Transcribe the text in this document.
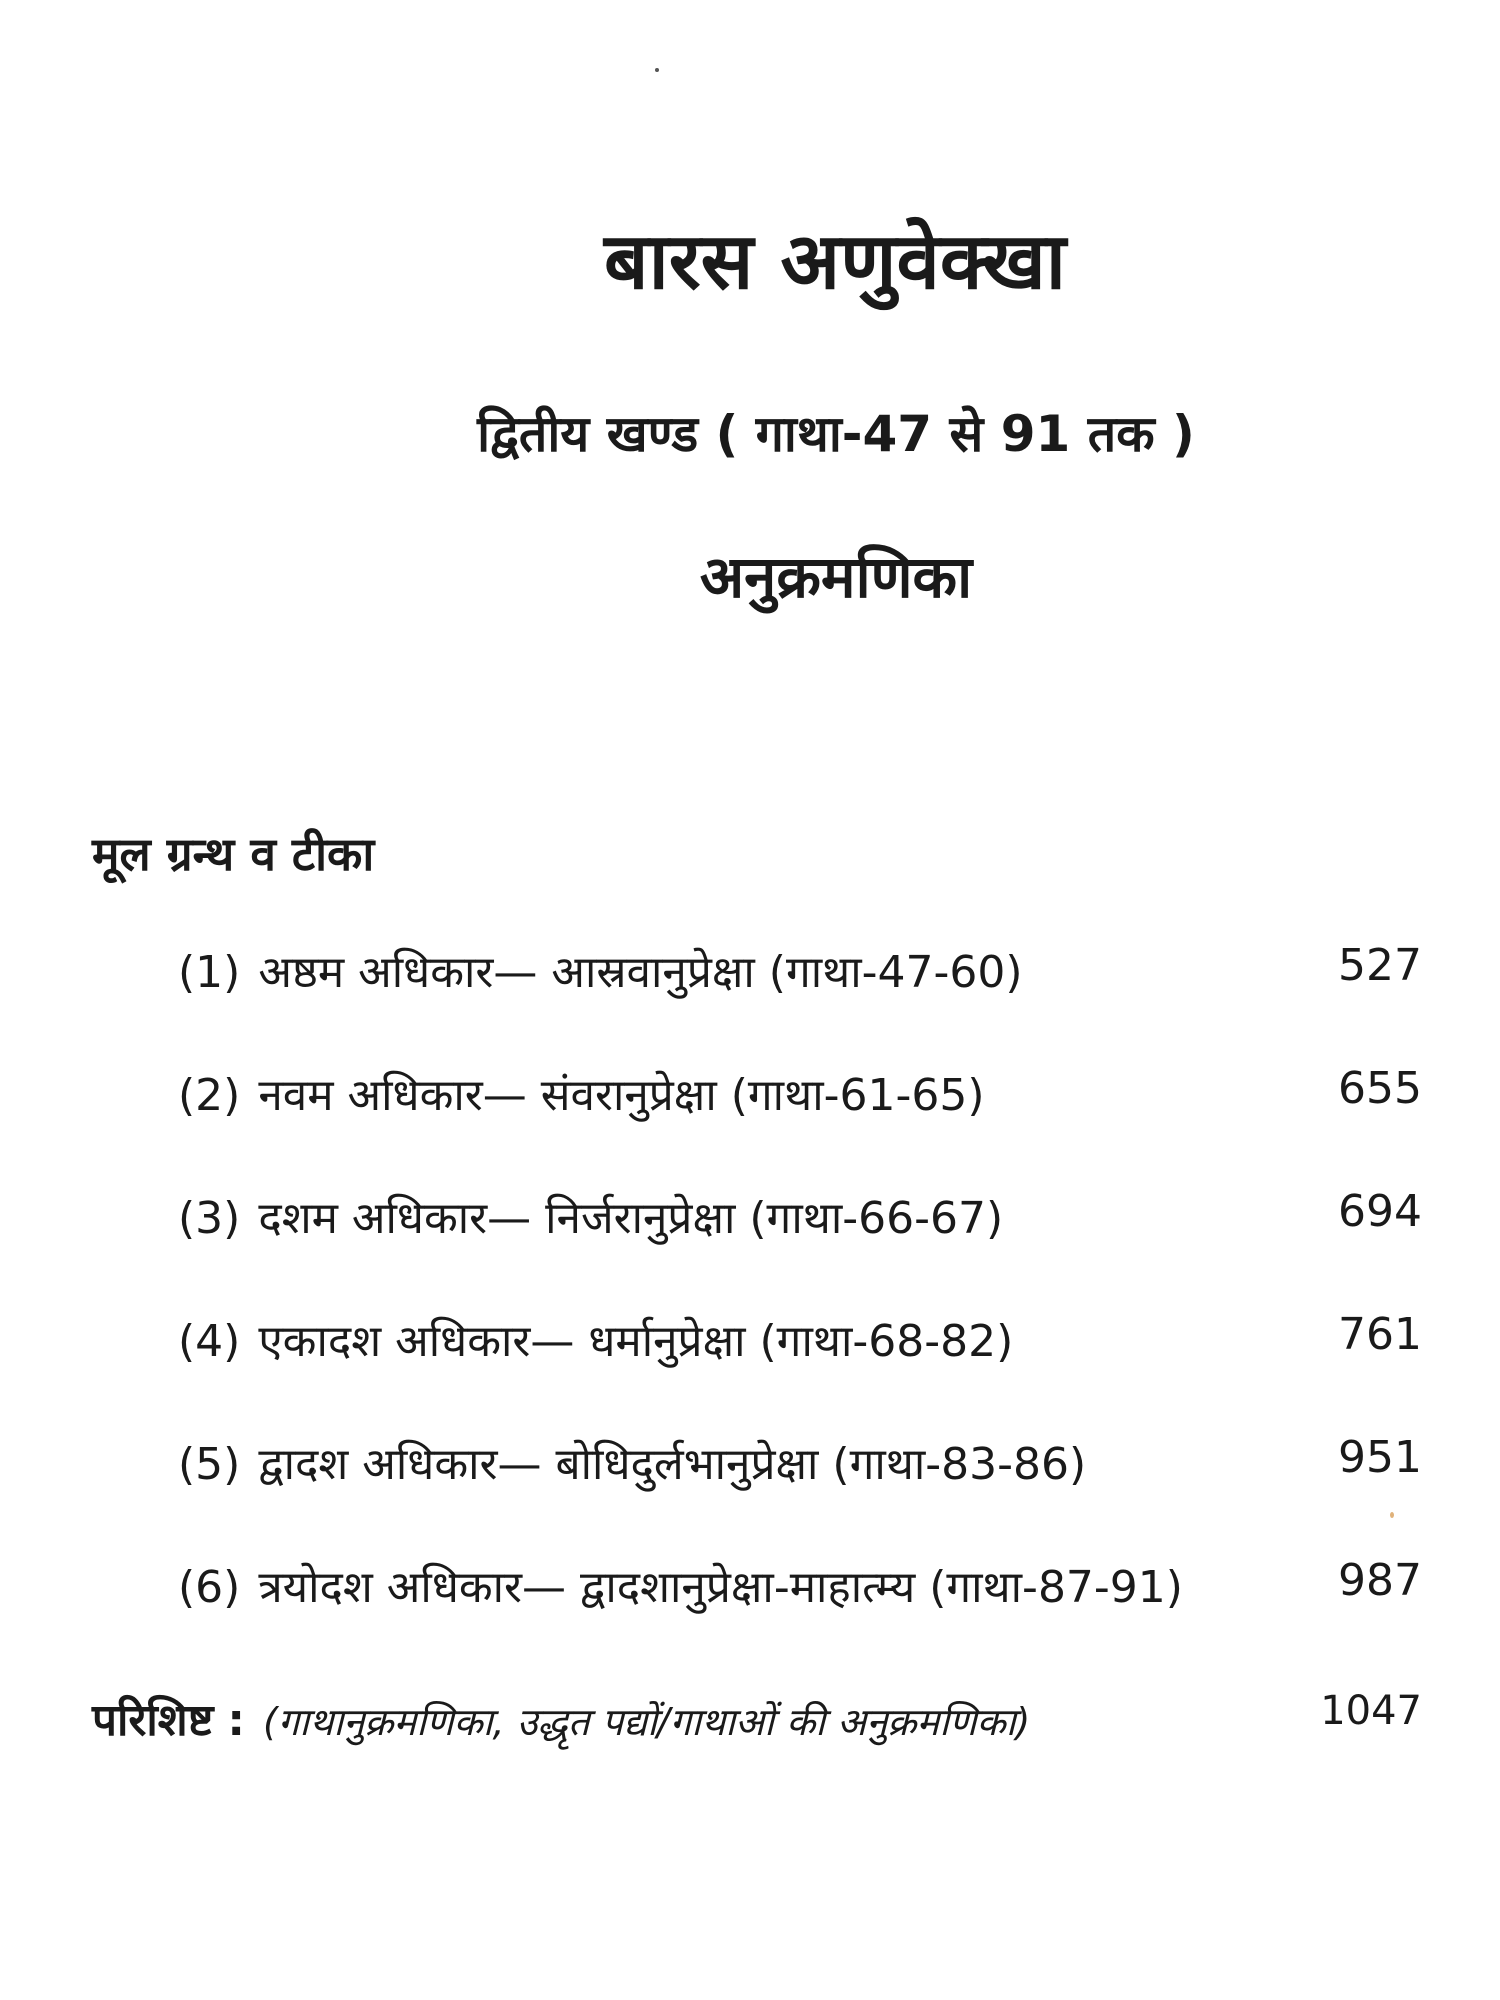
बारस अणुवेक्खा
द्वितीय खण्ड ( गाथा-47 से 91 तक )
अनुक्रमणिका
मूल ग्रन्थ व टीका
(1) अष्ठम अधिकार— आस्रवानुप्रेक्षा (गाथा-47-60)	527
(2) नवम अधिकार— संवरानुप्रेक्षा (गाथा-61-65)	655
(3) दशम अधिकार— निर्जरानुप्रेक्षा (गाथा-66-67)	694
(4) एकादश अधिकार— धर्मानुप्रेक्षा (गाथा-68-82)	761
(5) द्वादश अधिकार— बोधिदुर्लभानुप्रेक्षा (गाथा-83-86)	951
(6) त्रयोदश अधिकार— द्वादशानुप्रेक्षा-माहात्म्य (गाथा-87-91)	987
परिशिष्ट : (गाथानुक्रमणिका, उद्धृत पद्यों/गाथाओं की अनुक्रमणिका)	1047
